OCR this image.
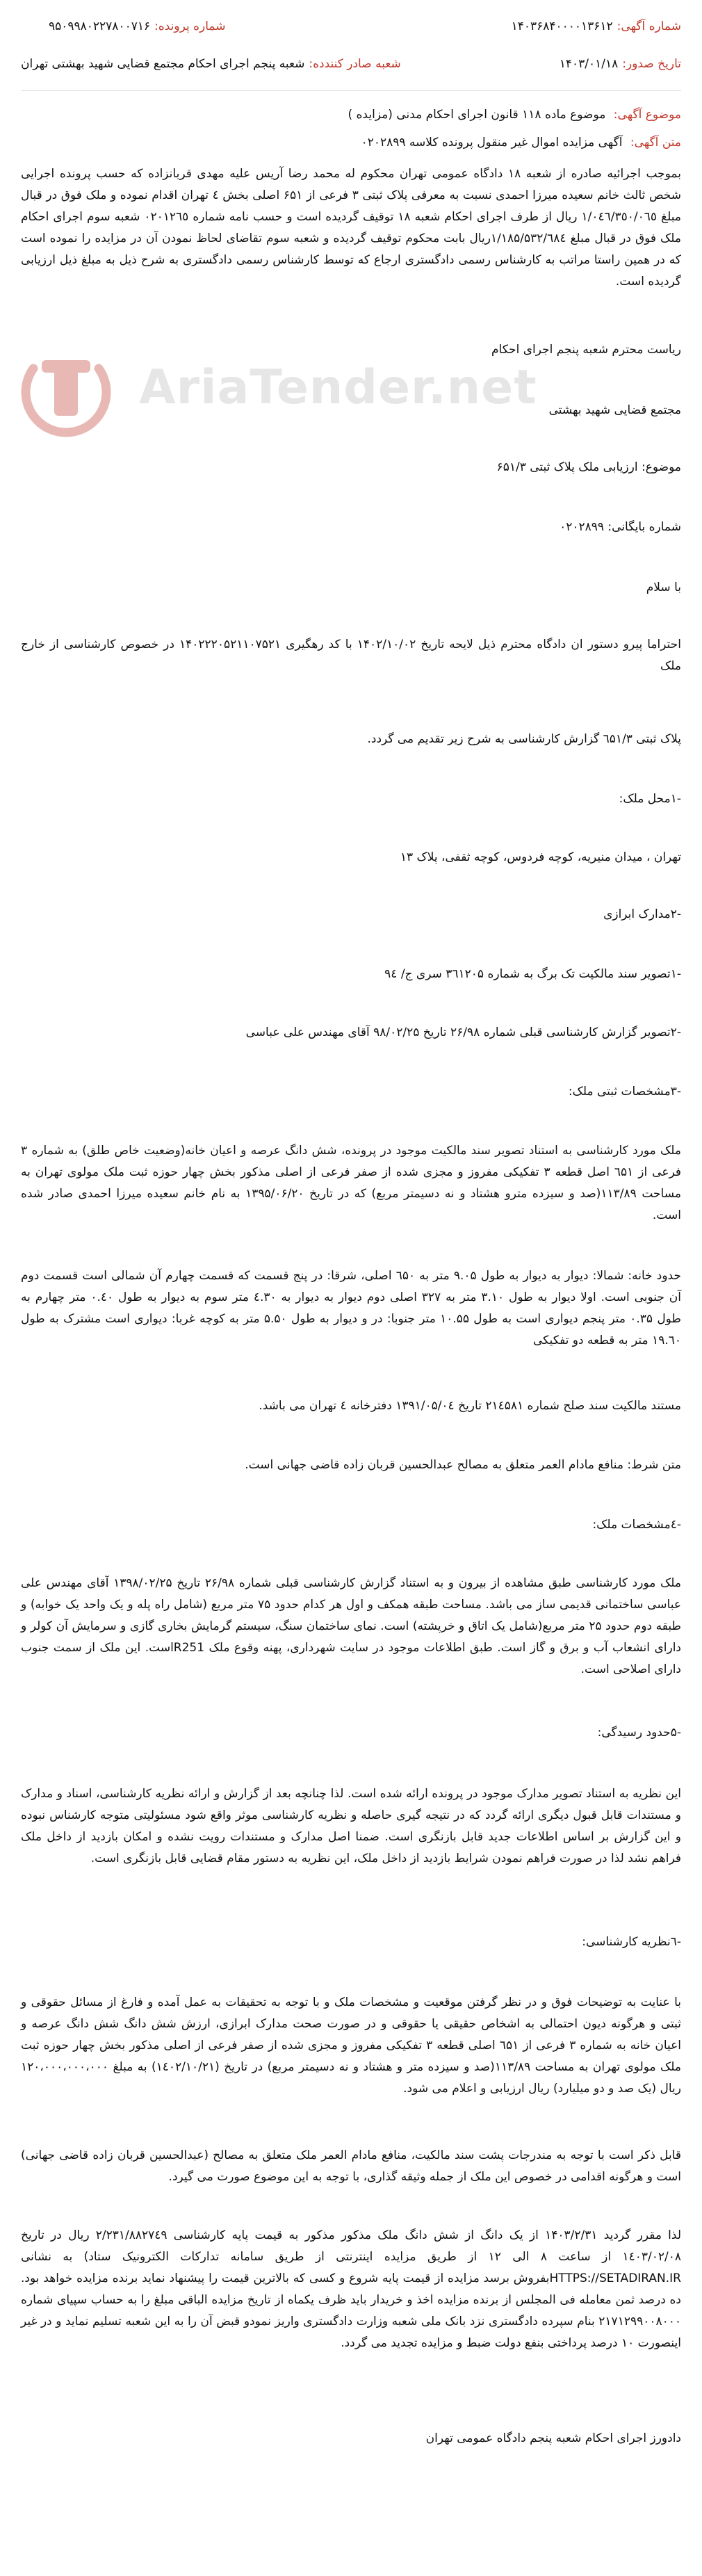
شماره آگهی:
۱۴۰۳۶۸۴۰۰۰۰۱۳۶۱۲
شماره پرونده:
۹۵۰۹۹۸۰۲۲۷۸۰۰۷۱۶
تاریخ صدور:
۱۴۰۳/۰۱/۱۸
شعبه صادر کنندده:
شعبه پنجم اجرای احکام مجتمع قضایی شهید بهشتی تهران
موضوع آگهی: موضوع ماده ۱۱۸ قانون اجرای احکام مدنی (مزایده )
متن آگهی: آگهی مزایده اموال غیر منقول پرونده کلاسه ۰۲۰۲۸۹۹
AriaTender.net
بموجب اجرائیه صادره از شعبه ۱۸ دادگاه عمومی تهران محکوم له محمد رضا آریس علیه مهدی قربانزاده که حسب پرونده اجرایی شخص ثالث خانم سعیده میرزا احمدی نسبت به معرفی پلاک ثبتی ۳ فرعی از ۶۵۱ اصلی بخش ٤ تهران اقدام نموده و ملک فوق در قبال مبلغ ۱/۰٤٦/۳٥۰/۰٦٥ ریال از طرف اجرای احکام شعبه ۱۸ توقیف گردیده است و حسب نامه شماره ۰۲۰۱۲٦٥ شعبه سوم اجرای احکام ملک فوق در قبال مبلغ ۱/۱۸۵/۵۳۲/٦۸٤ریال بابت محکوم توقیف گردیده و شعبه سوم تقاضای لحاظ نمودن آن در مزایده را نموده است که در همین راستا مراتب به کارشناس رسمی دادگستری ارجاع که توسط کارشناس رسمی دادگستری به شرح ذیل به مبلغ ذیل ارزیابی گردیده است.
ریاست محترم شعبه پنجم اجرای احکام
مجتمع قضایی شهید بهشتی
موضوع: ارزیابی ملک پلاک ثبتی ۶۵۱/۳
شماره بایگانی: ۰۲۰۲۸۹۹
با سلام
احتراما پیرو دستور ان دادگاه محترم ذیل لایحه تاریخ ۱۴۰۲/۱۰/۰۲ با کد رهگیری ۱۴۰۲۲۲۰۵۲۱۱۰۷۵۲۱ در خصوص کارشناسی از خارج ملک
پلاک ثبتی ٦۵۱/۳ گزارش کارشناسی به شرح زیر تقدیم می گردد.
-۱محل ملک:
تهران ، میدان منیریه، کوچه فردوس، کوچه ثقفی، پلاک ۱۳
-۲مدارک ابرازی
-۱تصویر سند مالکیت تک برگ به شماره ۳٦۱۲۰۵ سری ج/ ۹٤
-۲تصویر گزارش کارشناسی قبلی شماره ۲۶/۹۸ تاریخ ۹۸/۰۲/۲۵ آقای مهندس علی عباسی
-۳مشخصات ثبتی ملک:
ملک مورد کارشناسی به استناد تصویر سند مالکیت موجود در پرونده، شش دانگ عرصه و اعیان خانه(وضعیت خاص طلق) به شماره ۳ فرعی از ٦۵۱ اصل قطعه ۳ تفکیکی مفروز و مجزی شده از صفر فرعی از اصلی مذکور بخش چهار حوزه ثبت ملک مولوی تهران به مساحت ۱۱۳/۸۹(صد و سیزده مترو هشتاد و نه دسیمتر مربع) که در تاریخ ۱۳۹۵/۰۶/۲۰ به نام خانم سعیده میرزا احمدی صادر شده است.
حدود خانه: شمالا: دیوار به دیوار به طول ۹.۰۵ متر به ٦۵۰ اصلی، شرقا: در پنج قسمت که قسمت چهارم آن شمالی است قسمت دوم آن جنوبی است. اولا دیوار به طول ۳.۱۰ متر به ۳۲۷ اصلی دوم دیوار به دیوار به ٤.۳۰ متر سوم به دیوار به طول ۰.٤۰ متر چهارم به طول ۰.۳۵ متر پنجم دیواری است به طول ۱۰.۵۵ متر جنوبا: در و دیوار به طول ۵.۵۰ متر به کوچه غربا: دیواری است مشترک به طول ۱۹.٦۰ متر به قطعه دو تفکیکی
مستند مالکیت سند صلح شماره ۲۱٤۵۸۱ تاریخ ۱۳۹۱/۰۵/۰٤ دفترخانه ٤ تهران می باشد.
متن شرط: منافع مادام العمر متعلق به مصالح عبدالحسین قربان زاده قاضی جهانی است.
-٤مشخصات ملک:
ملک مورد کارشناسی طبق مشاهده از بیرون و به استناد گزارش کارشناسی قبلی شماره ۲۶/۹۸ تاریخ ۱۳۹۸/۰۲/۲۵ آقای مهندس علی عباسی ساختمانی قدیمی ساز می باشد. مساحت طبقه همکف و اول هر کدام حدود ۷۵ متر مربع (شامل راه پله و یک واحد یک خوابه) و طبقه دوم حدود ۲۵ متر مربع(شامل یک اتاق و خرپشته) است. نمای ساختمان سنگ، سیستم گرمایش بخاری گازی و سرمایش آن کولر و دارای انشعاب آب و برق و گاز است. طبق اطلاعات موجود در سایت شهرداری، پهنه وقوع ملک R251است. این ملک از سمت جنوب دارای اصلاحی است.
-۵حدود رسیدگی:
این نظریه به استناد تصویر مدارک موجود در پرونده ارائه شده است. لذا چنانچه بعد از گزارش و ارائه نظریه کارشناسی، اسناد و مدارک و مستندات قابل قبول دیگری ارائه گردد که در نتیجه گیری حاصله و نظریه کارشناسی موثر واقع شود مسئولیتی متوجه کارشناس نبوده و این گزارش بر اساس اطلاعات جدید قابل بازنگری است. ضمنا اصل مدارک و مستندات رویت نشده و امکان بازدید از داخل ملک فراهم نشد لذا در صورت فراهم نمودن شرایط بازدید از داخل ملک، این نظریه به دستور مقام قضایی قابل بازنگری است.
-٦نظریه کارشناسی:
با عنایت به توضیحات فوق و در نظر گرفتن موقعیت و مشخصات ملک و با توجه به تحقیقات به عمل آمده و فارغ از مسائل حقوقی و ثبتی و هرگونه دیون احتمالی به اشخاص حقیقی یا حقوقی و در صورت صحت مدارک ابرازی، ارزش شش دانگ شش دانگ عرصه و اعیان خانه به شماره ۳ فرعی از ٦۵۱ اصلی قطعه ۳ تفکیکی مفروز و مجزی شده از صفر فرعی از اصلی مذکور بخش چهار حوزه ثبت ملک مولوی تهران به مساحت ۱۱۳/۸۹(صد و سیزده متر و هشتاد و نه دسیمتر مربع) در تاریخ (۱٤۰۲/۱۰/۲۱) به مبلغ ۱۲۰،۰۰۰،۰۰۰،۰۰۰ ریال (یک صد و دو میلیارد) ریال ارزیابی و اعلام می شود.
قابل ذکر است با توجه به مندرجات پشت سند مالکیت، منافع مادام العمر ملک متعلق به مصالح (عبدالحسین قربان زاده قاضی جهانی) است و هرگونه اقدامی در خصوص این ملک از جمله وثیقه گذاری، با توجه به این موضوع صورت می گیرد.
لذا مقرر گردید ۱۴۰۳/۲/۳۱ از یک دانگ از شش دانگ ملک مذکور مذکور به قیمت پایه کارشناسی ۲/۲۳۱/۸۸۲۷٤۹ ریال در تاریخ ۱٤۰۳/۰۲/۰۸ از ساعت ۸ الی ۱۲ از طریق مزایده اینترنتی از طریق سامانه تدارکات الکترونیک ستاد) به نشانی HTTPS://SETADIRAN.IRبفروش برسد مزایده از قیمت پایه شروع و کسی که بالاترین قیمت را پیشنهاد نماید برنده مزایده خواهد بود. ده درصد ثمن معامله فی المجلس از برنده مزایده اخذ و خریدار باید ظرف یکماه از تاریخ مزایده الباقی مبلغ را به حساب سپیای شماره ۲۱۷۱۲۹۹۰۰۸۰۰۰ بنام سپرده دادگستری نزد بانک ملی شعبه وزارت دادگستری واریز نمودو قبض آن را به این شعبه تسلیم نماید و در غیر اینصورت ۱۰ درصد پرداختی بنفع دولت ضبط و مزایده تجدید می گردد.
دادورز اجرای احکام شعبه پنجم دادگاه عمومی تهران
